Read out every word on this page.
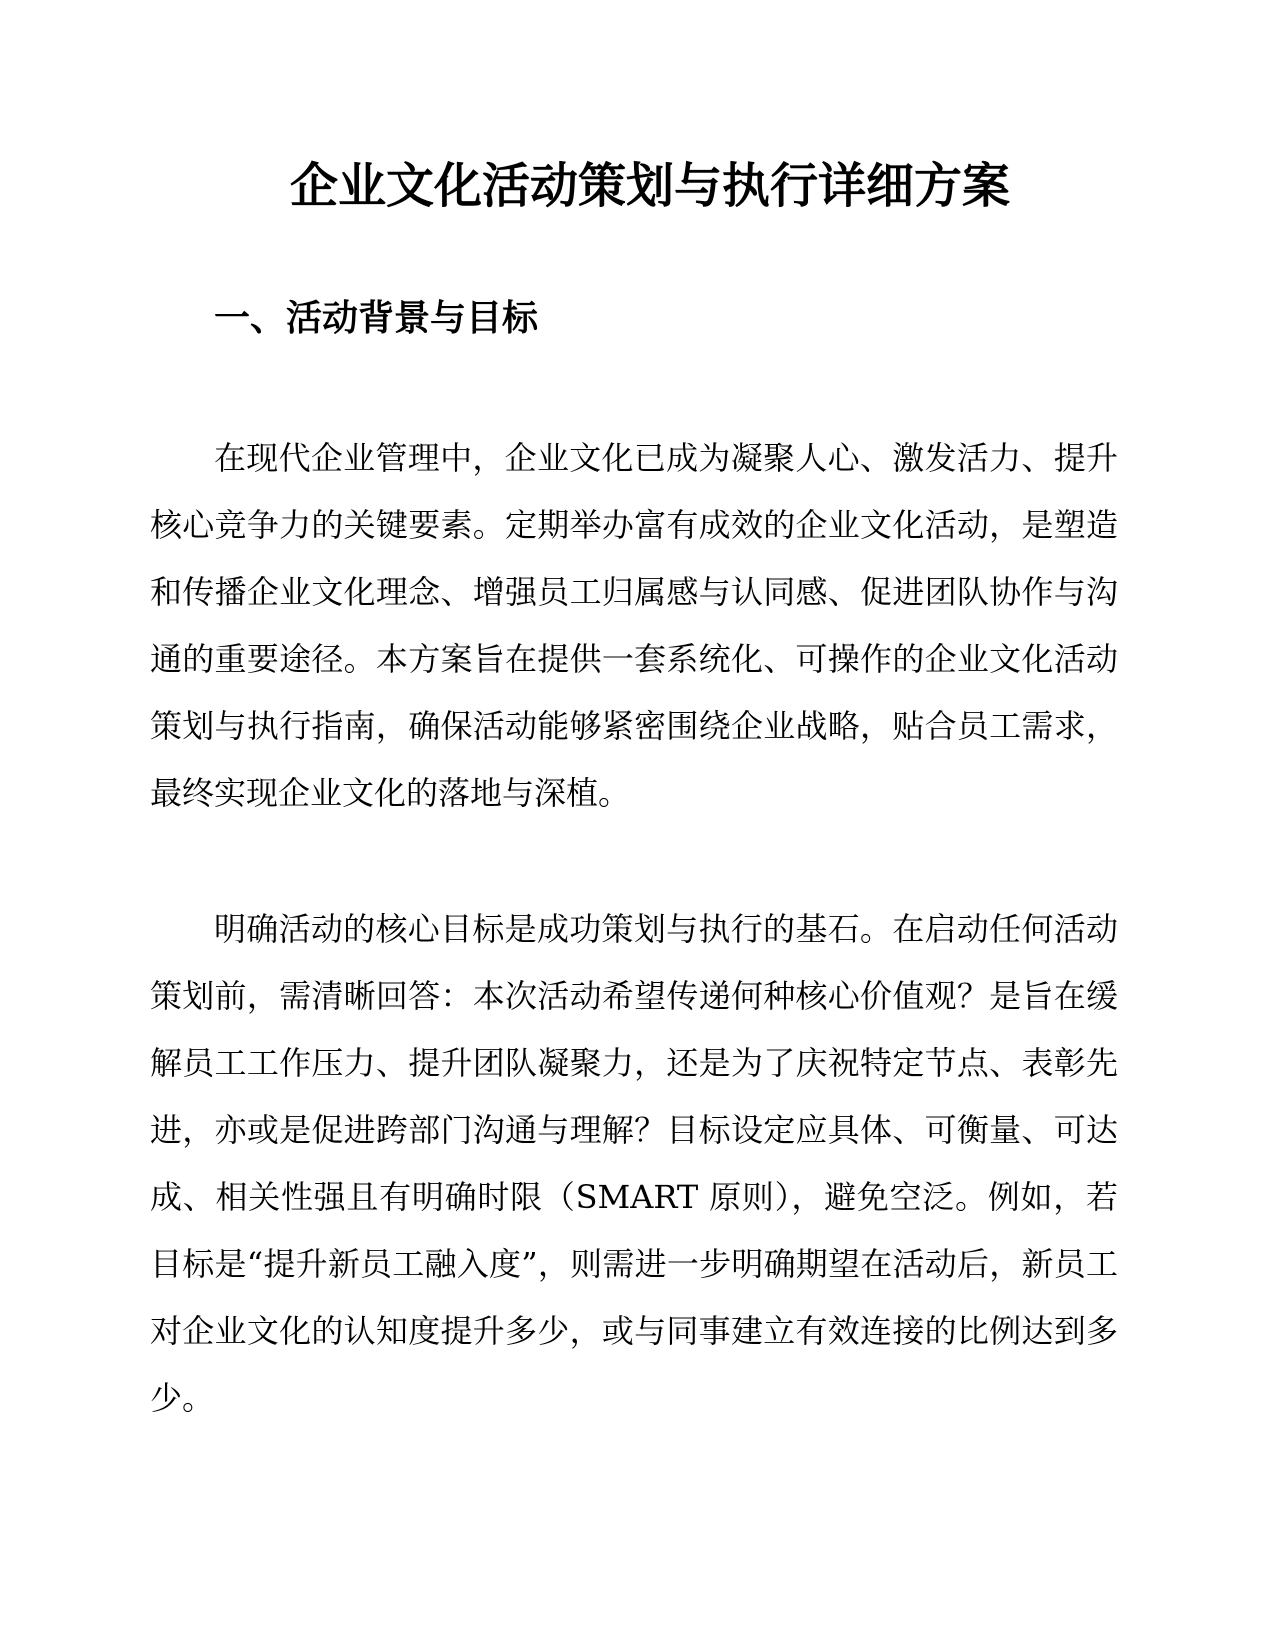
企业文化活动策划与执行详细方案
一、活动背景与目标

在现代企业管理中，企业文化已成为凝聚人心、激发活力、提升核心竞争力的关键要素。定期举办富有成效的企业文化活动，是塑造和传播企业文化理念、增强员工归属感与认同感、促进团队协作与沟通的重要途径。本方案旨在提供一套系统化、可操作的企业文化活动策划与执行指南，确保活动能够紧密围绕企业战略，贴合员工需求，最终实现企业文化的落地与深植。

明确活动的核心目标是成功策划与执行的基石。在启动任何活动策划前，需清晰回答：本次活动希望传递何种核心价值观？是旨在缓解员工工作压力、提升团队凝聚力，还是为了庆祝特定节点、表彰先进，亦或是促进跨部门沟通与理解？目标设定应具体、可衡量、可达成、相关性强且有明确时限（SMART 原则），避免空泛。例如，若目标是“提升新员工融入度”，则需进一步明确期望在活动后，新员工对企业文化的认知度提升多少，或与同事建立有效连接的比例达到多少。
